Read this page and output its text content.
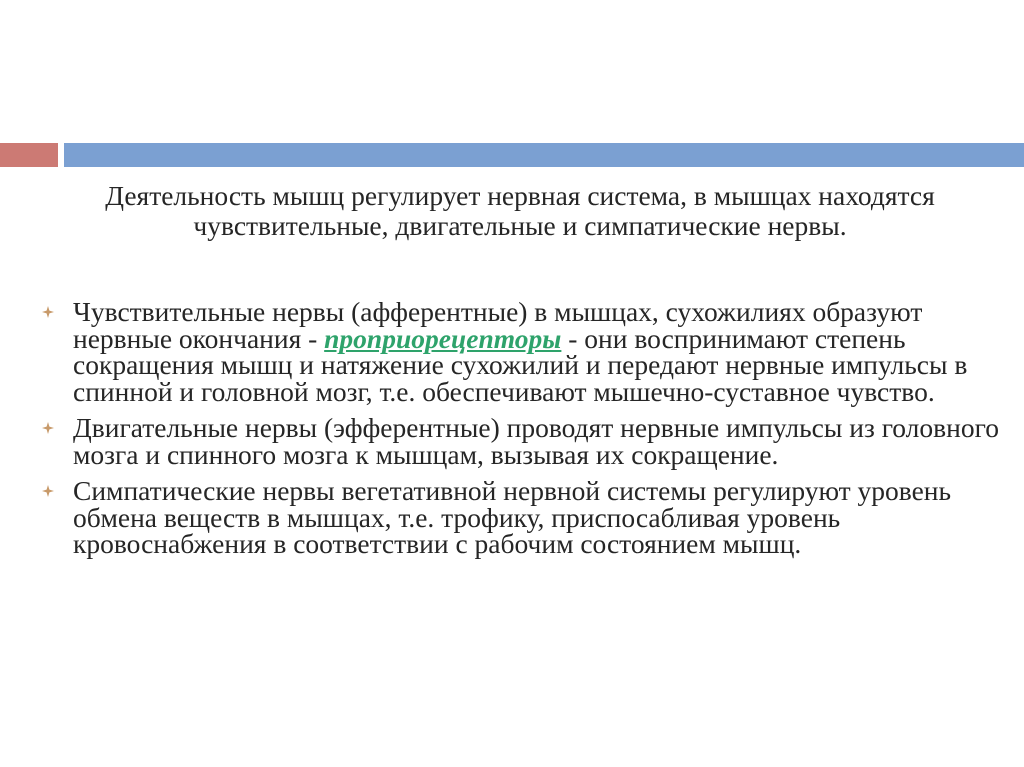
Деятельность мышц регулирует нервная система, в мышцах находятся
чувствительные, двигательные и симпатические нервы.

Чувствительные нервы (афферентные) в мышцах, сухожилиях образуют нервные окончания - проприорецепторы - они воспринимают степень сокращения мышц и натяжение сухожилий и передают нервные импульсы в спинной и головной мозг, т.е. обеспечивают мышечно-суставное чувство.
Двигательные нервы (эфферентные) проводят нервные импульсы из головного мозга и спинного мозга к мышцам, вызывая их сокращение.
Симпатические нервы вегетативной нервной системы регулируют уровень обмена веществ в мышцах, т.е. трофику, приспосабливая уровень кровоснабжения в соответствии с рабочим состоянием мышц.
